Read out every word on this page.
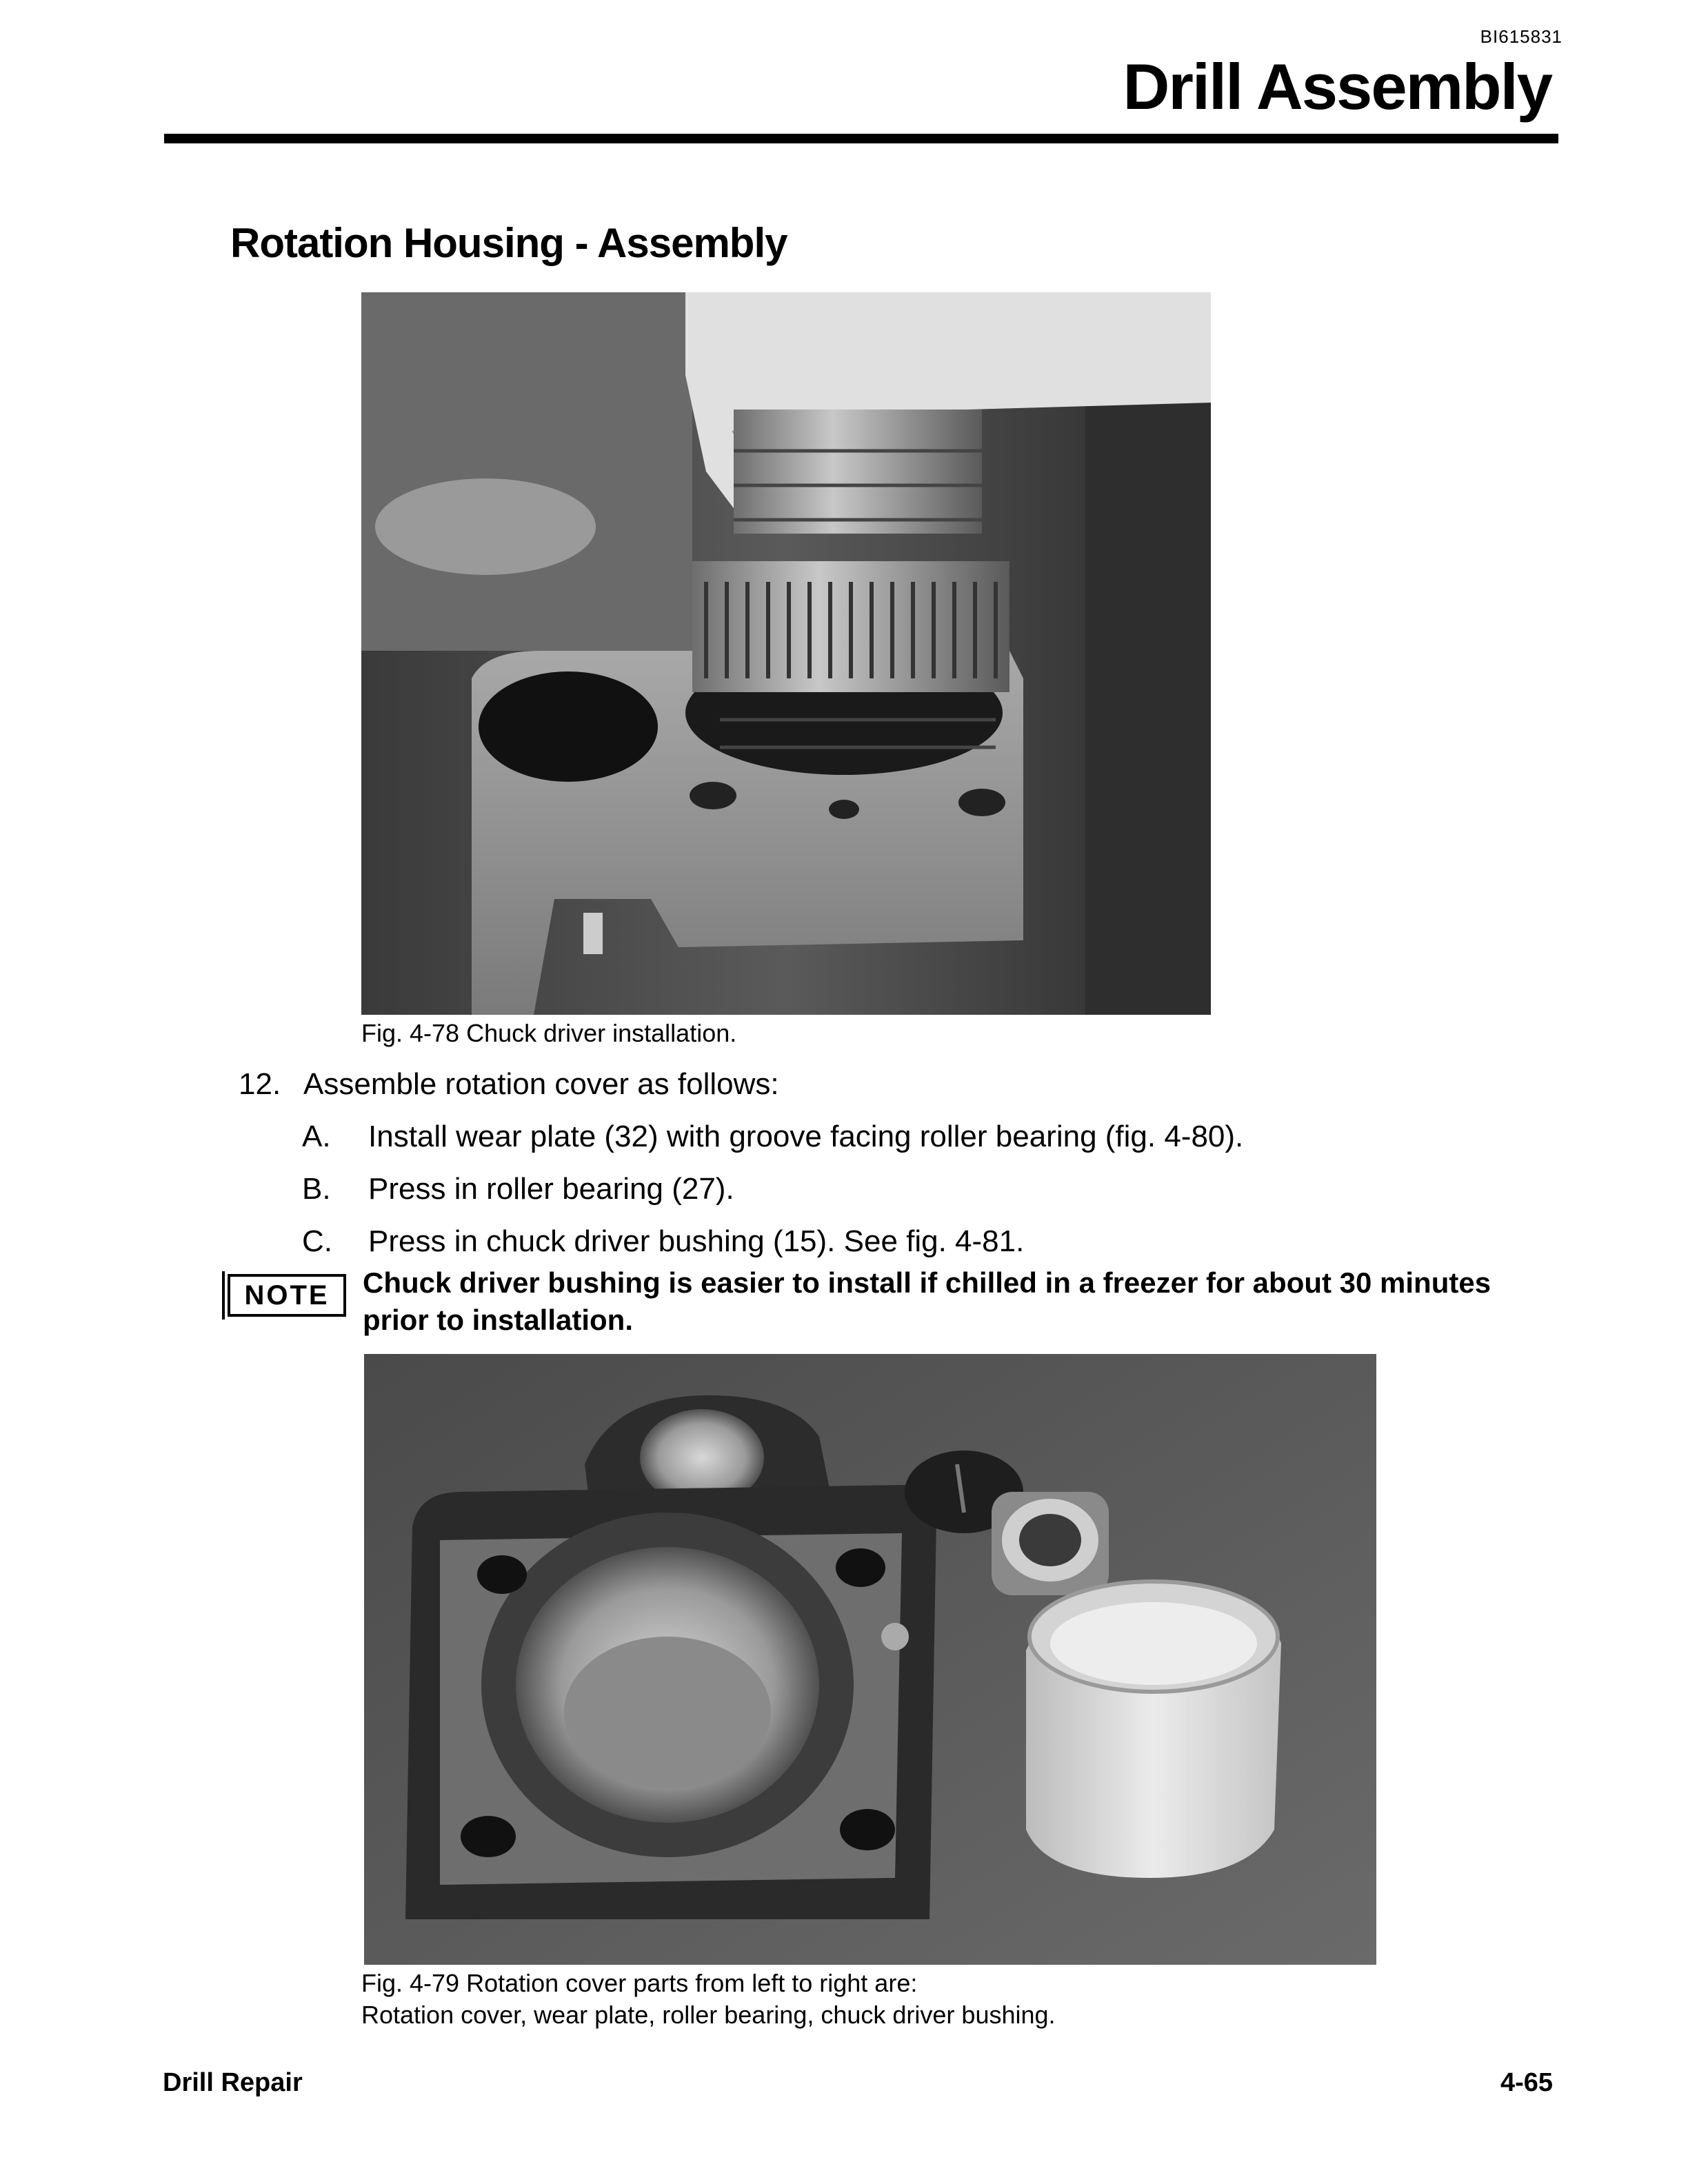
BI615831
Drill Assembly
Rotation Housing - Assembly
Fig. 4-78 Chuck driver installation.
12. Assemble rotation cover as follows:
A. Install wear plate (32) with groove facing roller bearing (fig. 4-80).
B. Press in roller bearing (27).
C. Press in chuck driver bushing (15). See fig. 4-81.
NOTE	Chuck driver bushing is easier to install if chilled in a freezer for about 30 minutes prior to installation.
Fig. 4-79 Rotation cover parts from left to right are:
Rotation cover, wear plate, roller bearing, chuck driver bushing.
Drill Repair	4-65
